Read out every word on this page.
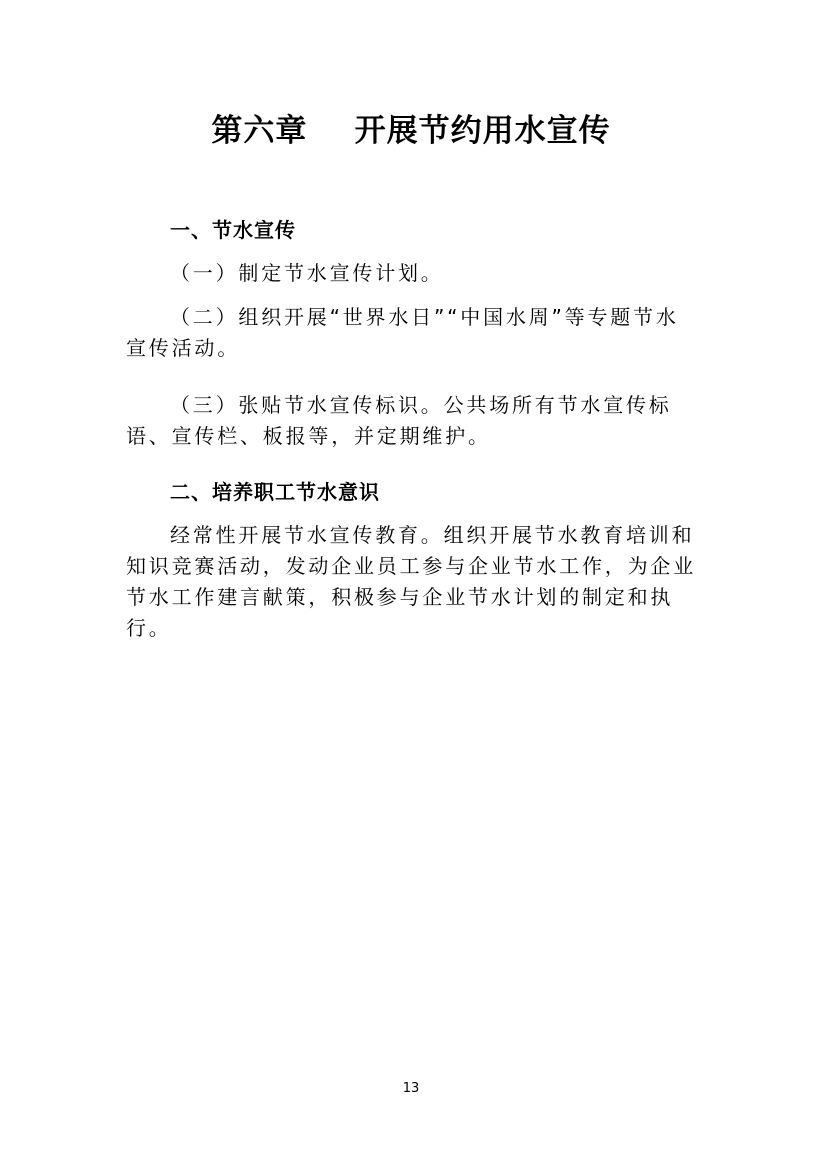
第六章    开展节约用水宣传
一、节水宣传
（一）制定节水宣传计划。
（二）组织开展“世界水日”“中国水周”等专题节水宣传活动。
（三）张贴节水宣传标识。公共场所有节水宣传标语、宣传栏、板报等，并定期维护。
二、培养职工节水意识
经常性开展节水宣传教育。组织开展节水教育培训和知识竞赛活动，发动企业员工参与企业节水工作，为企业节水工作建言献策，积极参与企业节水计划的制定和执行。
13
